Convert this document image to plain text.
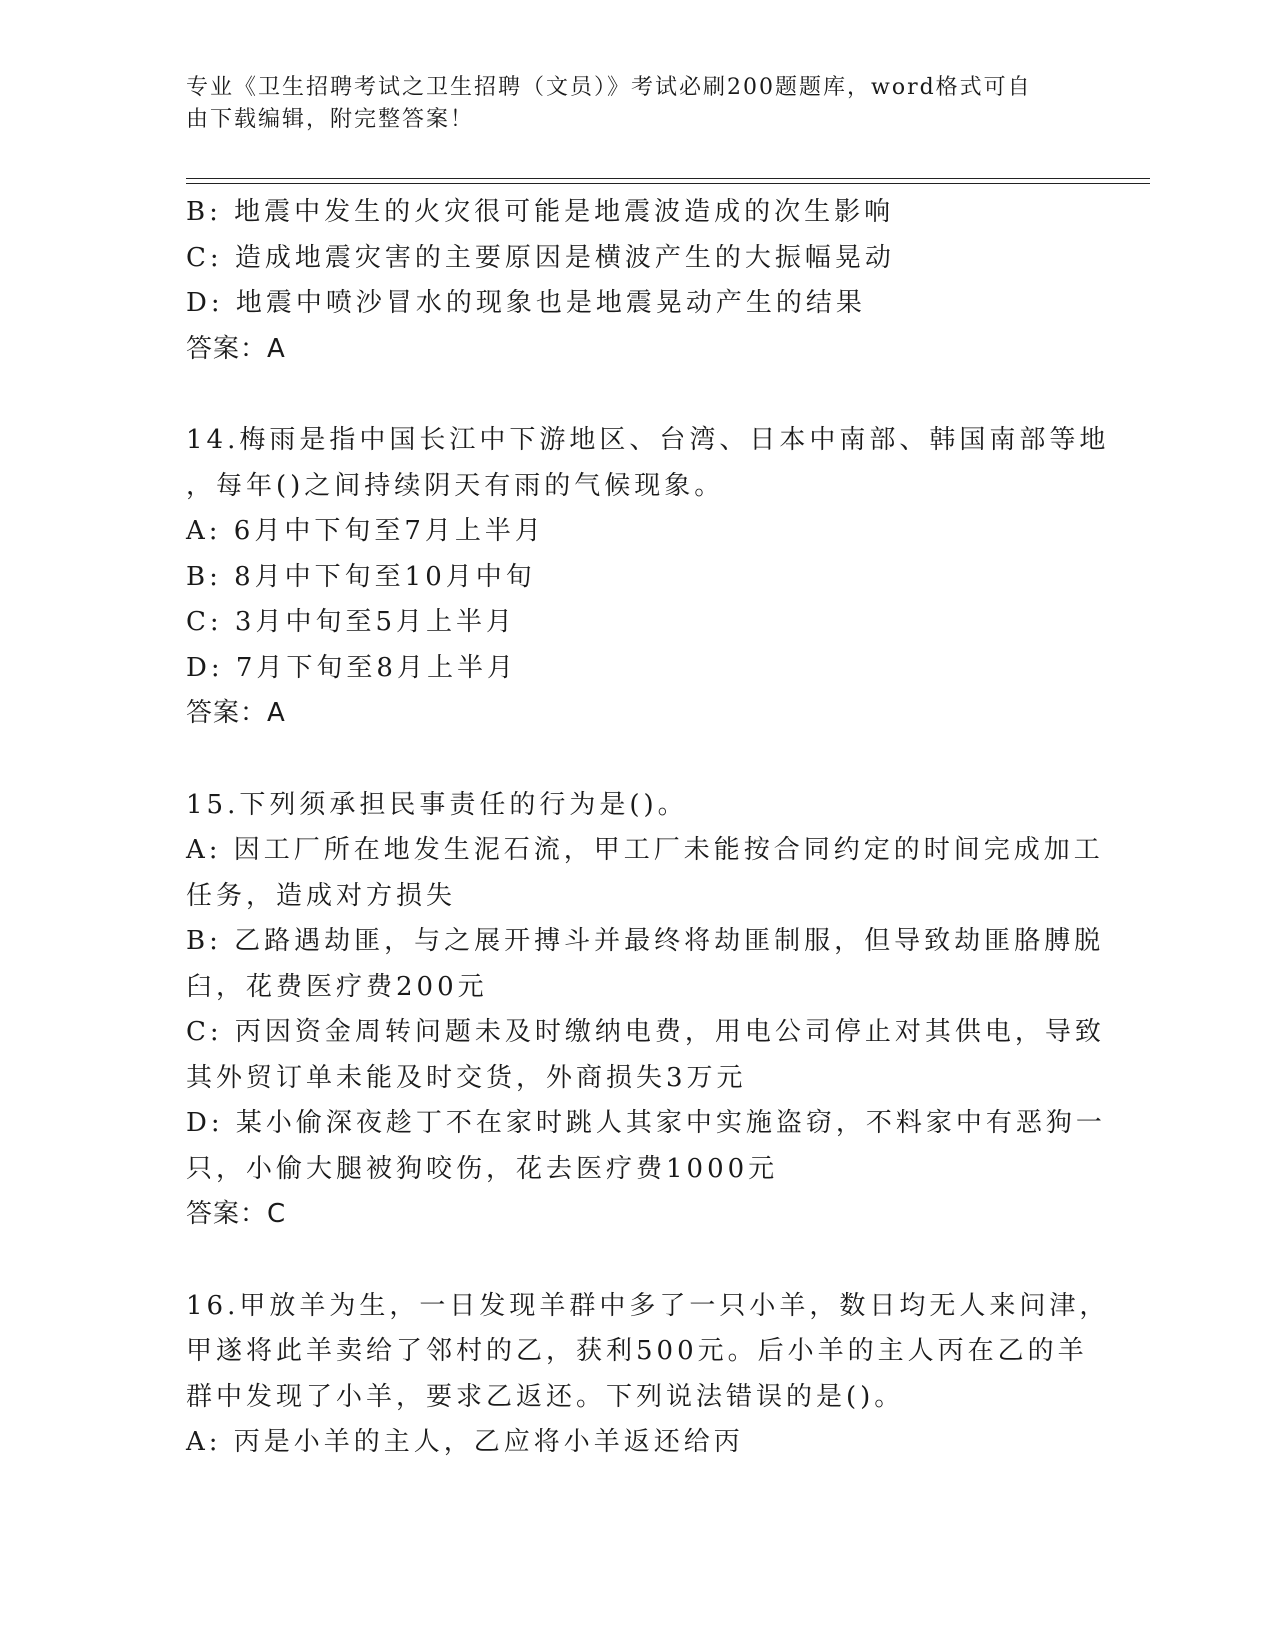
专业《卫生招聘考试之卫生招聘（文员）》考试必刷200题题库，word格式可自
由下载编辑，附完整答案！
B: 地震中发生的火灾很可能是地震波造成的次生影响
C: 造成地震灾害的主要原因是横波产生的大振幅晃动
D: 地震中喷沙冒水的现象也是地震晃动产生的结果
答案：A
14.梅雨是指中国长江中下游地区、台湾、日本中南部、韩国南部等地
，每年()之间持续阴天有雨的气候现象。
A: 6月中下旬至7月上半月
B: 8月中下旬至10月中旬
C: 3月中旬至5月上半月
D: 7月下旬至8月上半月
答案：A
15.下列须承担民事责任的行为是()。
A: 因工厂所在地发生泥石流，甲工厂未能按合同约定的时间完成加工
任务，造成对方损失
B: 乙路遇劫匪，与之展开搏斗并最终将劫匪制服，但导致劫匪胳膊脱
臼，花费医疗费200元
C: 丙因资金周转问题未及时缴纳电费，用电公司停止对其供电，导致
其外贸订单未能及时交货，外商损失3万元
D: 某小偷深夜趁丁不在家时跳人其家中实施盗窃，不料家中有恶狗一
只，小偷大腿被狗咬伤，花去医疗费1000元
答案：C
16.甲放羊为生，一日发现羊群中多了一只小羊，数日均无人来问津，
甲遂将此羊卖给了邻村的乙，获利500元。后小羊的主人丙在乙的羊
群中发现了小羊，要求乙返还。下列说法错误的是()。
A: 丙是小羊的主人，乙应将小羊返还给丙
